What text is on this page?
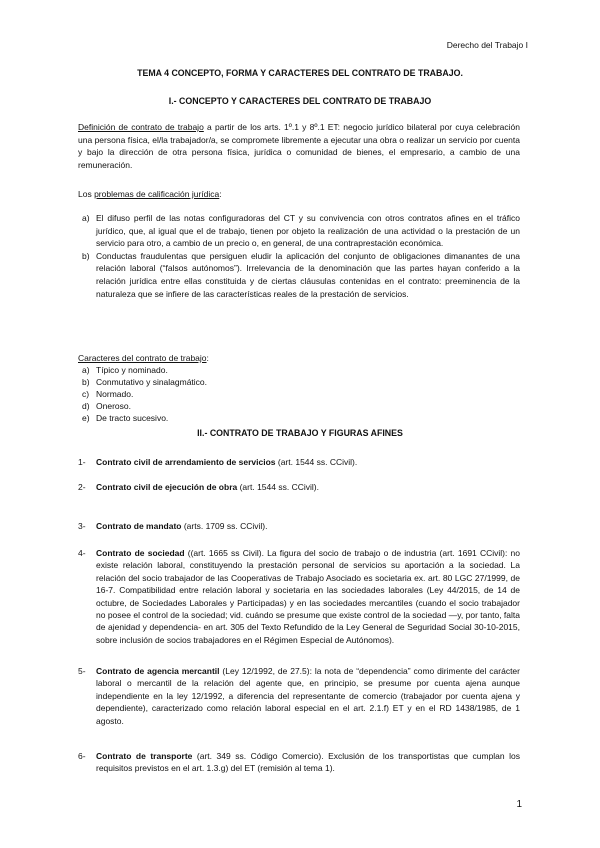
Derecho del Trabajo I
TEMA 4 CONCEPTO, FORMA Y CARACTERES DEL CONTRATO DE TRABAJO.
I.- CONCEPTO Y CARACTERES DEL CONTRATO DE TRABAJO
Definición de contrato de trabajo a partir de los arts. 1º.1 y 8º.1 ET: negocio jurídico bilateral por cuya celebración una persona física, el/la trabajador/a, se compromete libremente a ejecutar una obra o realizar un servicio por cuenta y bajo la dirección de otra persona física, jurídica o comunidad de bienes, el empresario, a cambio de una remuneración.
Los problemas de calificación jurídica:
a) El difuso perfil de las notas configuradoras del CT y su convivencia con otros contratos afines en el tráfico jurídico, que, al igual que el de trabajo, tienen por objeto la realización de una actividad o la prestación de un servicio para otro, a cambio de un precio o, en general, de una contraprestación económica.
b) Conductas fraudulentas que persiguen eludir la aplicación del conjunto de obligaciones dimanantes de una relación laboral (“falsos autónomos”). Irrelevancia de la denominación que las partes hayan conferido a la relación jurídica entre ellas constituida y de ciertas cláusulas contenidas en el contrato: preeminencia de la naturaleza que se infiere de las características reales de la prestación de servicios.
Caracteres del contrato de trabajo:
a) Típico y nominado.
b) Conmutativo y sinalagmático.
c) Normado.
d) Oneroso.
e) De tracto sucesivo.
II.- CONTRATO DE TRABAJO Y FIGURAS AFINES
1- Contrato civil de arrendamiento de servicios (art. 1544 ss. CCivil).
2- Contrato civil de ejecución de obra (art. 1544 ss. CCivil).
3- Contrato de mandato (arts. 1709 ss. CCivil).
4- Contrato de sociedad ((art. 1665 ss Civil). La figura del socio de trabajo o de industria (art. 1691 CCivil): no existe relación laboral, constituyendo la prestación personal de servicios su aportación a la sociedad. La relación del socio trabajador de las Cooperativas de Trabajo Asociado es societaria ex. art. 80 LGC 27/1999, de 16-7. Compatibilidad entre relación laboral y societaria en las sociedades laborales (Ley 44/2015, de 14 de octubre, de Sociedades Laborales y Participadas) y en las sociedades mercantiles (cuando el socio trabajador no posee el control de la sociedad; vid. cuándo se presume que existe control de la sociedad —y, por tanto, falta de ajenidad y dependencia- en art. 305 del Texto Refundido de la Ley General de Seguridad Social 30-10-2015, sobre inclusión de socios trabajadores en el Régimen Especial de Autónomos).
5- Contrato de agencia mercantil (Ley 12/1992, de 27.5): la nota de “dependencia” como dirimente del carácter laboral o mercantil de la relación del agente que, en principio, se presume por cuenta ajena aunque independiente en la ley 12/1992, a diferencia del representante de comercio (trabajador por cuenta ajena y dependiente), caracterizado como relación laboral especial en el art. 2.1.f) ET y en el RD 1438/1985, de 1 agosto.
6- Contrato de transporte (art. 349 ss. Código Comercio). Exclusión de los transportistas que cumplan los requisitos previstos en el art. 1.3.g) del ET (remisión al tema 1).
1
